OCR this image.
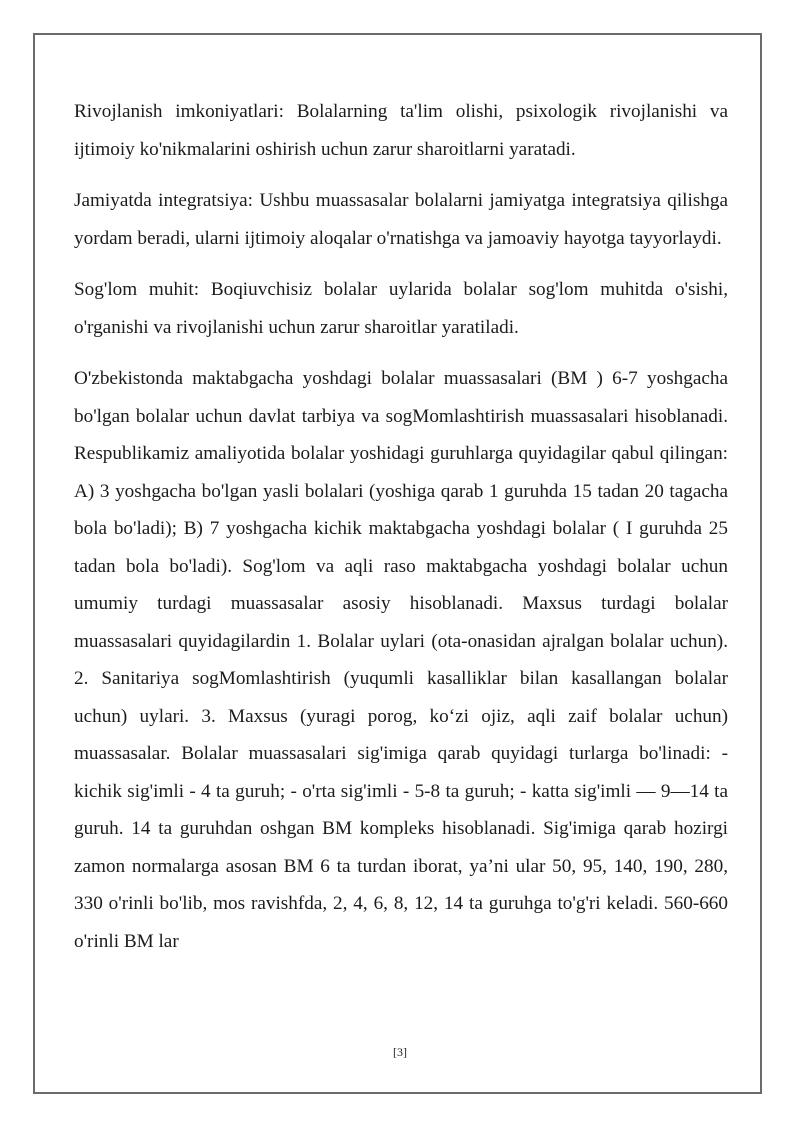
Rivojlanish imkoniyatlari: Bolalarning ta'lim olishi, psixologik rivojlanishi va ijtimoiy ko'nikmalarini oshirish uchun zarur sharoitlarni yaratadi.

Jamiyatda integratsiya: Ushbu muassasalar bolalarni jamiyatga integratsiya qilishga yordam beradi, ularni ijtimoiy aloqalar o'rnatishga va jamoaviy hayotga tayyorlaydi.

Sog'lom muhit: Boqiuvchisiz bolalar uylarida bolalar sog'lom muhitda o'sishi, o'rganishi va rivojlanishi uchun zarur sharoitlar yaratiladi.

O'zbekistonda maktabgacha yoshdagi bolalar muassasalari (BM ) 6-7 yoshgacha bo'lgan bolalar uchun davlat tarbiya va sogMomlashtirish muassasalari hisoblanadi. Respublikamiz amaliyotida bolalar yoshidagi guruhlarga quyidagilar qabul qilingan: A) 3 yoshgacha bo'lgan yasli bolalari (yoshiga qarab 1 guruhda 15 tadan 20 tagacha bola bo'ladi); B) 7 yoshgacha kichik maktabgacha yoshdagi bolalar ( I guruhda 25 tadan bola bo'ladi). Sog'lom va aqli raso maktabgacha yoshdagi bolalar uchun umumiy turdagi muassasalar asosiy hisoblanadi. Maxsus turdagi bolalar muassasalari quyidagilardin 1. Bolalar uylari (ota-onasidan ajralgan bolalar uchun). 2. Sanitariya sogMomlashtirish (yuqumli kasalliklar bilan kasallangan bolalar uchun) uylari. 3. Maxsus (yuragi porog, ko‘zi ojiz, aqli zaif bolalar uchun) muassasalar. Bolalar muassasalari sig'imiga qarab quyidagi turlarga bo'linadi: - kichik sig'imli - 4 ta guruh; - o'rta sig'imli - 5-8 ta guruh; - katta sig'imli — 9—14 ta guruh. 14 ta guruhdan oshgan BM kompleks hisoblanadi. Sig'imiga qarab hozirgi zamon normalarga asosan BM 6 ta turdan iborat, ya’ni ular 50, 95, 140, 190, 280, 330 o'rinli bo'lib, mos ravishfda, 2, 4, 6, 8, 12, 14 ta guruhga to'g'ri keladi. 560-660 o'rinli BM lar

[3]
